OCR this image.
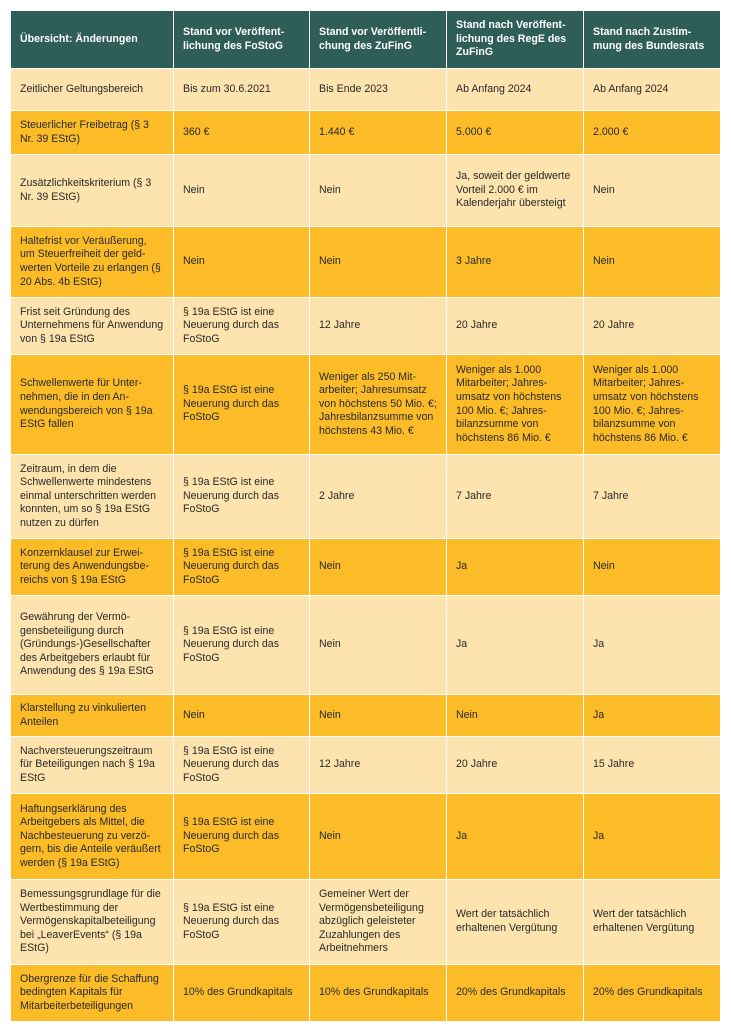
Übersicht: Änderungen	Stand vor Veröffentlichung des FoStoG	Stand vor Veröffentlichung des ZuFinG	Stand nach Veröffentlichung des RegE des ZuFinG	Stand nach Zustimmung des Bundesrats
Zeitlicher Geltungsbereich	Bis zum 30.6.2021	Bis Ende 2023	Ab Anfang 2024	Ab Anfang 2024
Steuerlicher Freibetrag (§ 3 Nr. 39 EStG)	360 €	1.440 €	5.000 €	2.000 €
Zusätzlichkeitskriterium (§ 3 Nr. 39 EStG)	Nein	Nein	Ja, soweit der geldwerte Vorteil 2.000 € im Kalenderjahr übersteigt	Nein
Haltefrist vor Veräußerung, um Steuerfreiheit der geldwerten Vorteile zu erlangen (§ 20 Abs. 4b EStG)	Nein	Nein	3 Jahre	Nein
Frist seit Gründung des Unternehmens für Anwendung von § 19a EStG	§ 19a EStG ist eine Neuerung durch das FoStoG	12 Jahre	20 Jahre	20 Jahre
Schwellenwerte für Unternehmen, die in den Anwendungsbereich von § 19a EStG fallen	§ 19a EStG ist eine Neuerung durch das FoStoG	Weniger als 250 Mitarbeiter; Jahresumsatz von höchstens 50 Mio. €; Jahresbilanzsumme von höchstens 43 Mio. €	Weniger als 1.000 Mitarbeiter; Jahresumsatz von höchstens 100 Mio. €; Jahresbilanzsumme von höchstens 86 Mio. €	Weniger als 1.000 Mitarbeiter; Jahresumsatz von höchstens 100 Mio. €; Jahresbilanzsumme von höchstens 86 Mio. €
Zeitraum, in dem die Schwellenwerte mindestens einmal unterschritten werden konnten, um so § 19a EStG nutzen zu dürfen	§ 19a EStG ist eine Neuerung durch das FoStoG	2 Jahre	7 Jahre	7 Jahre
Konzernklausel zur Erweiterung des Anwendungsbereichs von § 19a EStG	§ 19a EStG ist eine Neuerung durch das FoStoG	Nein	Ja	Nein
Gewährung der Vermögensbeteiligung durch (Gründungs-)Gesellschafter des Arbeitgebers erlaubt für Anwendung des § 19a EStG	§ 19a EStG ist eine Neuerung durch das FoStoG	Nein	Ja	Ja
Klarstellung zu vinkulierten Anteilen	Nein	Nein	Nein	Ja
Nachversteuerungszeitraum für Beteiligungen nach § 19a EStG	§ 19a EStG ist eine Neuerung durch das FoStoG	12 Jahre	20 Jahre	15 Jahre
Haftungserklärung des Arbeitgebers als Mittel, die Nachbesteuerung zu verzögern, bis die Anteile veräußert werden (§ 19a EStG)	§ 19a EStG ist eine Neuerung durch das FoStoG	Nein	Ja	Ja
Bemessungsgrundlage für die Wertbestimmung der Vermögenskapitalbeteiligung bei „LeaverEvents“ (§ 19a EStG)	§ 19a EStG ist eine Neuerung durch das FoStoG	Gemeiner Wert der Vermögensbeteiligung abzüglich geleisteter Zuzahlungen des Arbeitnehmers	Wert der tatsächlich erhaltenen Vergütung	Wert der tatsächlich erhaltenen Vergütung
Obergrenze für die Schaffung bedingten Kapitals für Mitarbeiterbeteiligungen	10% des Grundkapitals	10% des Grundkapitals	20% des Grundkapitals	20% des Grundkapitals
